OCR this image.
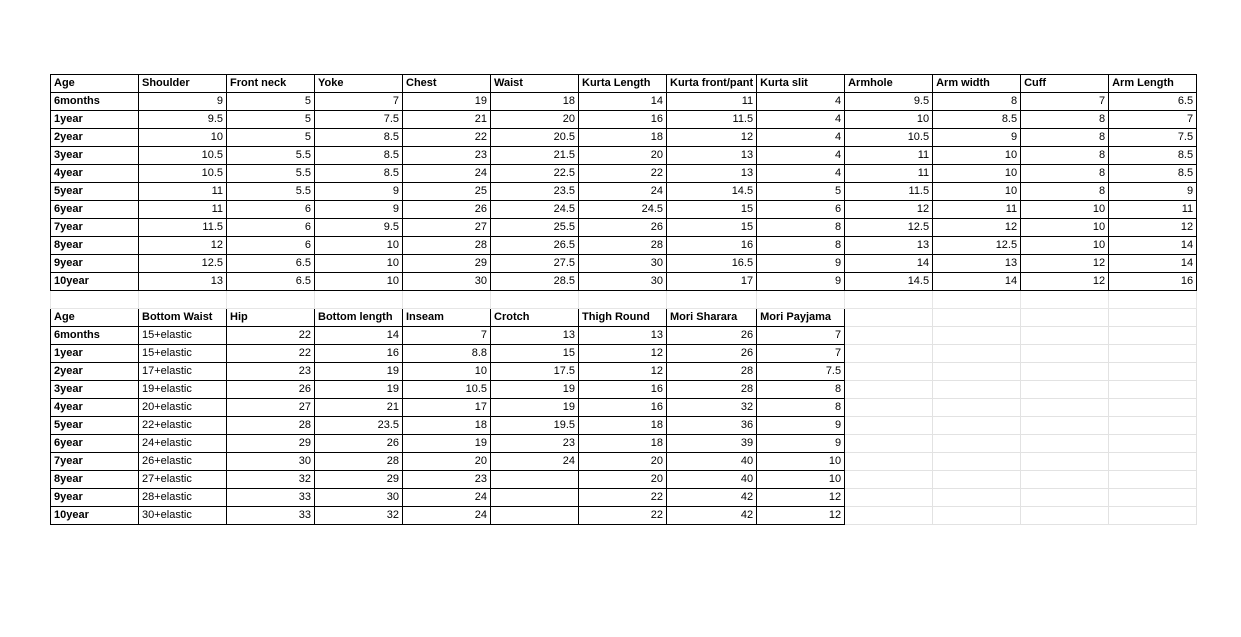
Age	Shoulder	Front neck	Yoke	Chest	Waist	Kurta Length	Kurta front/pant	Kurta slit	Armhole	Arm width	Cuff	Arm Length
6months	9	5	7	19	18	14	11	4	9.5	8	7	6.5
1year	9.5	5	7.5	21	20	16	11.5	4	10	8.5	8	7
2year	10	5	8.5	22	20.5	18	12	4	10.5	9	8	7.5
3year	10.5	5.5	8.5	23	21.5	20	13	4	11	10	8	8.5
4year	10.5	5.5	8.5	24	22.5	22	13	4	11	10	8	8.5
5year	11	5.5	9	25	23.5	24	14.5	5	11.5	10	8	9
6year	11	6	9	26	24.5	24.5	15	6	12	11	10	11
7year	11.5	6	9.5	27	25.5	26	15	8	12.5	12	10	12
8year	12	6	10	28	26.5	28	16	8	13	12.5	10	14
9year	12.5	6.5	10	29	27.5	30	16.5	9	14	13	12	14
10year	13	6.5	10	30	28.5	30	17	9	14.5	14	12	16

Age	Bottom Waist	Hip	Bottom length	Inseam	Crotch	Thigh Round	Mori Sharara	Mori Payjama				
6months	15+elastic	22	14	7	13	13	26	7				
1year	15+elastic	22	16	8.8	15	12	26	7				
2year	17+elastic	23	19	10	17.5	12	28	7.5				
3year	19+elastic	26	19	10.5	19	16	28	8				
4year	20+elastic	27	21	17	19	16	32	8				
5year	22+elastic	28	23.5	18	19.5	18	36	9				
6year	24+elastic	29	26	19	23	18	39	9				
7year	26+elastic	30	28	20	24	20	40	10				
8year	27+elastic	32	29	23		20	40	10				
9year	28+elastic	33	30	24		22	42	12				
10year	30+elastic	33	32	24		22	42	12				
